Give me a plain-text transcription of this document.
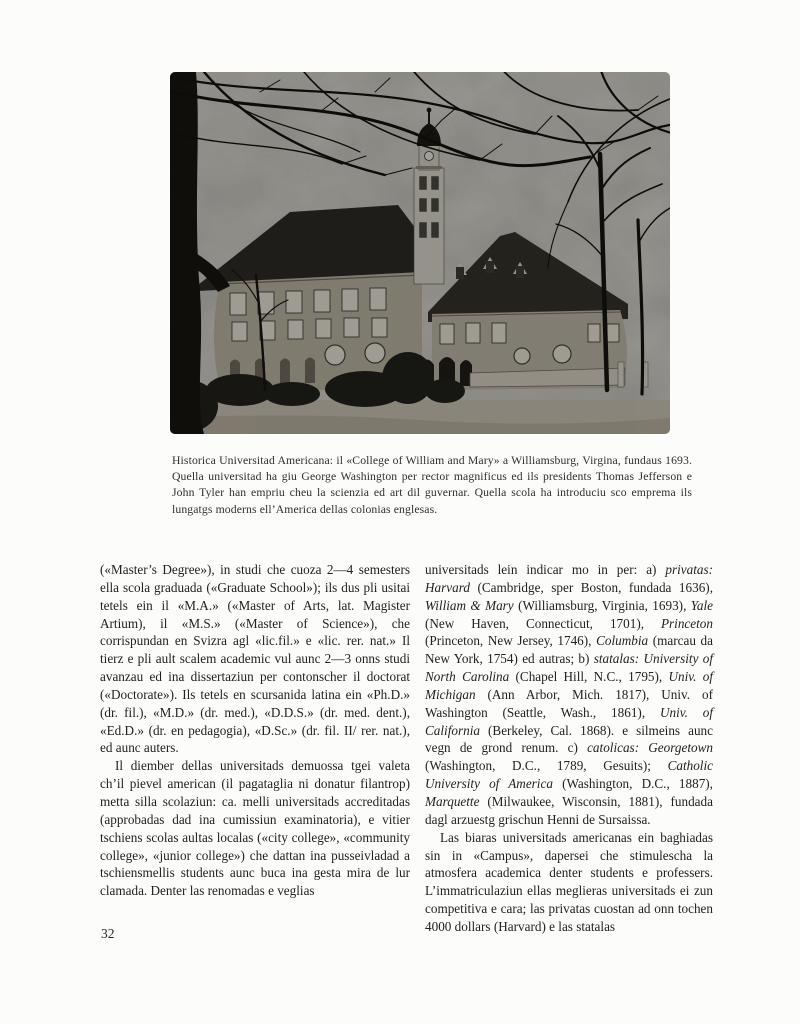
Historica Universitad Americana: il «College of William and Mary» a Williamsburg, Virgina, fundaus 1693. Quella universitad ha giu George Washington per rector magnificus ed ils presidents Thomas Jefferson e John Tyler han empriu cheu la scienzia ed art dil guvernar. Quella scola ha introduciu sco emprema ils lungatgs moderns ell’America dellas colonias englesas.

(«Master’s Degree»), in studi che cuoza 2—4 semesters ella scola graduada («Graduate School»); ils dus pli usitai tetels ein il «M.A.» («Master of Arts, lat. Magister Artium), il «M.S.» («Master of Science»), che corrispundan en Svizra agl «lic.fil.» e «lic. rer. nat.» Il tierz e pli ault scalem academic vul aunc 2—3 onns studi avanzau ed ina dissertaziun per contonscher il doctorat («Doctorate»). Ils tetels en scursanida latina ein «Ph.D.» (dr. fil.), «M.D.» (dr. med.), «D.D.S.» (dr. med. dent.), «Ed.D.» (dr. en pedagogia), «D.Sc.» (dr. fil. II/ rer. nat.), ed aunc auters.

Il diember dellas universitads demuossa tgei valeta ch’il pievel american (il pagataglia ni donatur filantrop) metta silla scolaziun: ca. melli universitads accreditadas (approbadas dad ina cumissiun examinatoria), e vitier tschiens scolas aultas localas («city college», «community college», «junior college») che dattan ina pusseivladad a tschiensmellis students aunc buca ina gesta mira de lur clamada. Denter las renomadas e veglias

universitads lein indicar mo in per: a) privatas: Harvard (Cambridge, sper Boston, fundada 1636), William & Mary (Williamsburg, Virginia, 1693), Yale (New Haven, Connecticut, 1701), Princeton (Princeton, New Jersey, 1746), Columbia (marcau da New York, 1754) ed autras; b) statalas: University of North Carolina (Chapel Hill, N.C., 1795), Univ. of Michigan (Ann Arbor, Mich. 1817), Univ. of Washington (Seattle, Wash., 1861), Univ. of California (Berkeley, Cal. 1868). e silmeins aunc vegn de grond renum. c) catolicas: Georgetown (Washington, D.C., 1789, Gesuits); Catholic University of America (Washington, D.C., 1887), Marquette (Milwaukee, Wisconsin, 1881), fundada dagl arzuestg grischun Henni de Sursaissa.

Las biaras universitads americanas ein baghiadas sin in «Campus», dapersei che stimulescha la atmosfera academica denter students e professers. L’immatriculaziun ellas meglieras universitads ei zun competitiva e cara; las privatas cuostan ad onn tochen 4000 dollars (Harvard) e las statalas

32
